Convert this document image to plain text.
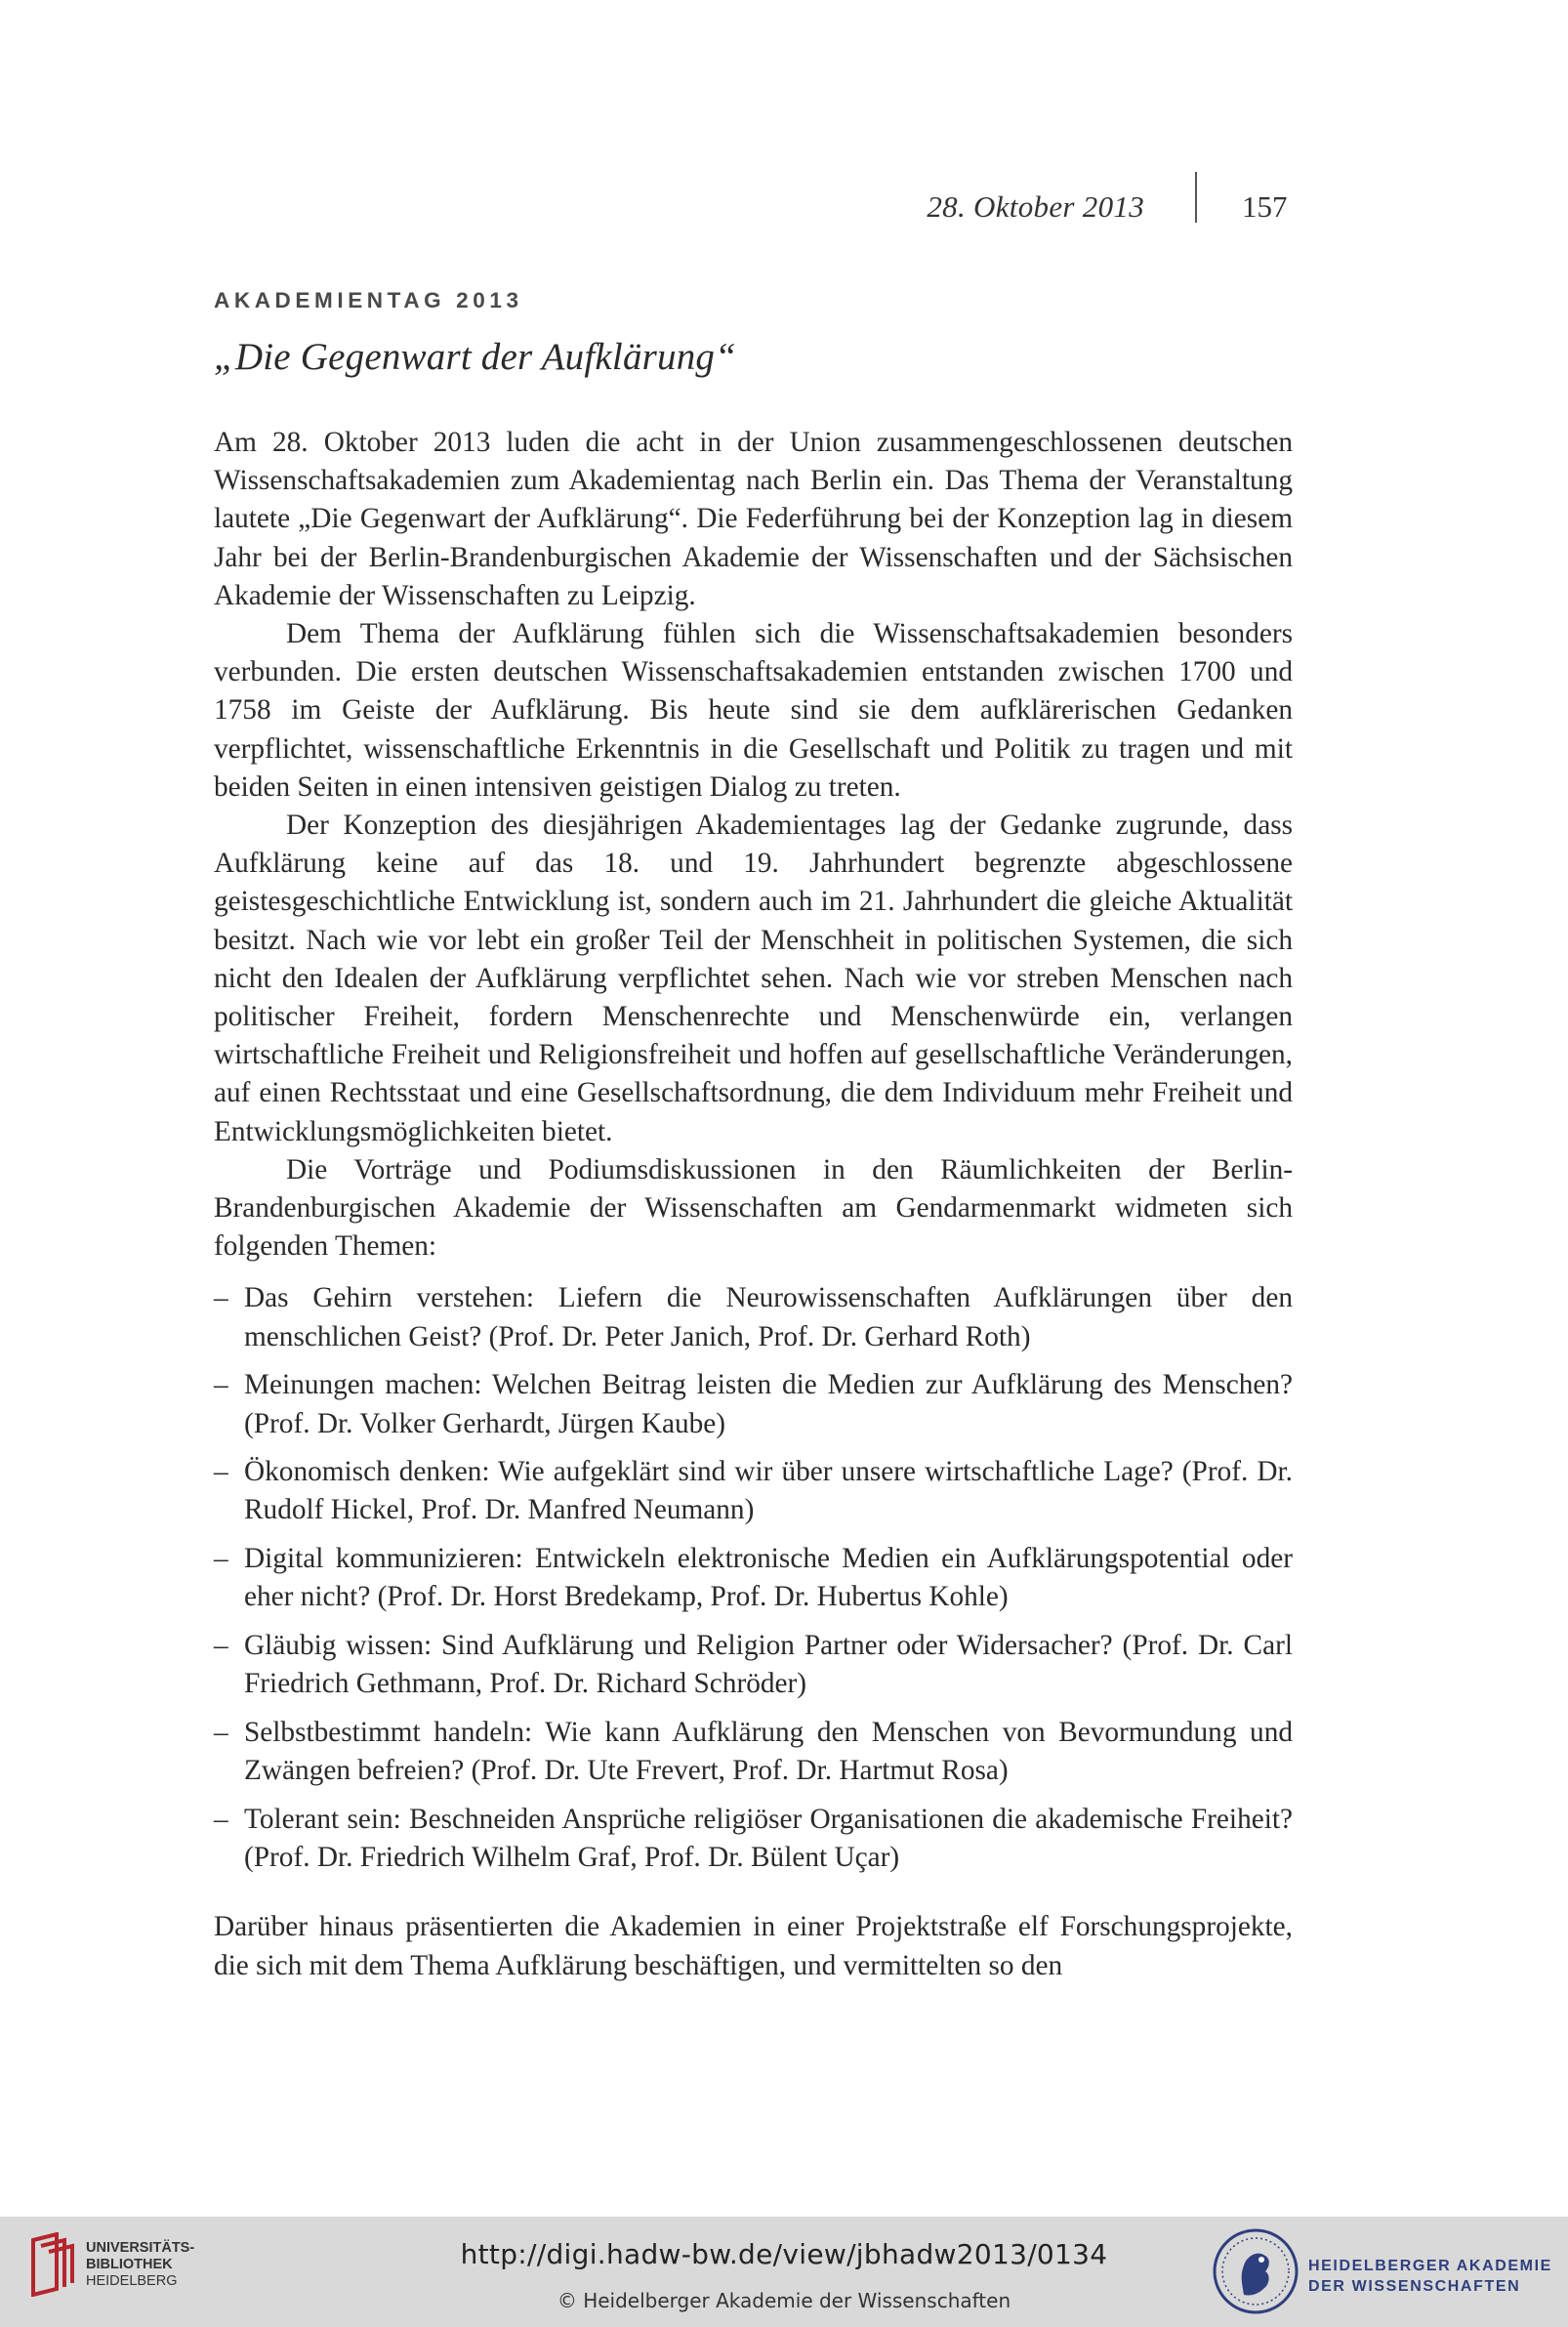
28. Oktober 2013	157
AKADEMIENTAG 2013
„Die Gegenwart der Aufklärung“

Am 28. Oktober 2013 luden die acht in der Union zusammengeschlossenen deutschen Wissenschaftsakademien zum Akademientag nach Berlin ein. Das Thema der Veranstaltung lautete „Die Gegenwart der Aufklärung“. Die Federführung bei der Konzeption lag in diesem Jahr bei der Berlin-Brandenburgischen Akademie der Wissenschaften und der Sächsischen Akademie der Wissenschaften zu Leipzig.

Dem Thema der Aufklärung fühlen sich die Wissenschaftsakademien besonders verbunden. Die ersten deutschen Wissenschaftsakademien entstanden zwischen 1700 und 1758 im Geiste der Aufklärung. Bis heute sind sie dem aufklärerischen Gedanken verpflichtet, wissenschaftliche Erkenntnis in die Gesellschaft und Politik zu tragen und mit beiden Seiten in einen intensiven geistigen Dialog zu treten.

Der Konzeption des diesjährigen Akademientages lag der Gedanke zugrunde, dass Aufklärung keine auf das 18. und 19. Jahrhundert begrenzte abgeschlossene geistesgeschichtliche Entwicklung ist, sondern auch im 21. Jahrhundert die gleiche Aktualität besitzt. Nach wie vor lebt ein großer Teil der Menschheit in politischen Systemen, die sich nicht den Idealen der Aufklärung verpflichtet sehen. Nach wie vor streben Menschen nach politischer Freiheit, fordern Menschenrechte und Menschenwürde ein, verlangen wirtschaftliche Freiheit und Religionsfreiheit und hoffen auf gesellschaftliche Veränderungen, auf einen Rechtsstaat und eine Gesellschaftsordnung, die dem Individuum mehr Freiheit und Entwicklungsmöglichkeiten bietet.

Die Vorträge und Podiumsdiskussionen in den Räumlichkeiten der Berlin-Brandenburgischen Akademie der Wissenschaften am Gendarmenmarkt widmeten sich folgenden Themen:

– Das Gehirn verstehen: Liefern die Neurowissenschaften Aufklärungen über den menschlichen Geist? (Prof. Dr. Peter Janich, Prof. Dr. Gerhard Roth)
– Meinungen machen: Welchen Beitrag leisten die Medien zur Aufklärung des Menschen? (Prof. Dr. Volker Gerhardt, Jürgen Kaube)
– Ökonomisch denken: Wie aufgeklärt sind wir über unsere wirtschaftliche Lage? (Prof. Dr. Rudolf Hickel, Prof. Dr. Manfred Neumann)
– Digital kommunizieren: Entwickeln elektronische Medien ein Aufklärungspotential oder eher nicht? (Prof. Dr. Horst Bredekamp, Prof. Dr. Hubertus Kohle)
– Gläubig wissen: Sind Aufklärung und Religion Partner oder Widersacher? (Prof. Dr. Carl Friedrich Gethmann, Prof. Dr. Richard Schröder)
– Selbstbestimmt handeln: Wie kann Aufklärung den Menschen von Bevormundung und Zwängen befreien? (Prof. Dr. Ute Frevert, Prof. Dr. Hartmut Rosa)
– Tolerant sein: Beschneiden Ansprüche religiöser Organisationen die akademische Freiheit? (Prof. Dr. Friedrich Wilhelm Graf, Prof. Dr. Bülent Uçar)

Darüber hinaus präsentierten die Akademien in einer Projektstraße elf Forschungsprojekte, die sich mit dem Thema Aufklärung beschäftigen, und vermittelten so den

UNIVERSITÄTS-
BIBLIOTHEK
HEIDELBERG
http://digi.hadw-bw.de/view/jbhadw2013/0134
© Heidelberger Akademie der Wissenschaften
HEIDELBERGER AKADEMIE
DER WISSENSCHAFTEN
